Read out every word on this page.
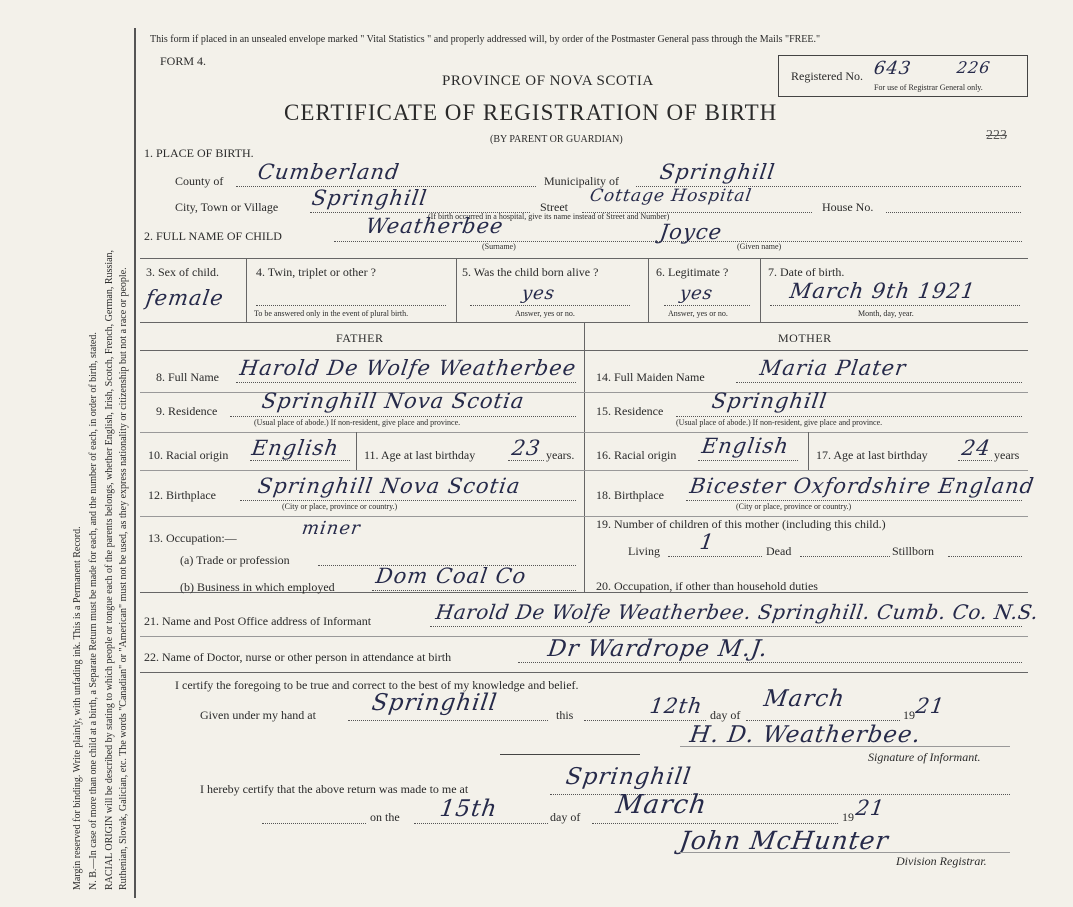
Margin reserved for binding. Write plainly, with unfading ink. This is a Permanent Record. N. B.—In case of more than one child at a birth, a Separate Return must be made for each, and the number of each, in order of birth, stated. RACIAL ORIGIN will be described by stating to which people or tongue each of the parents belongs, whether English, Irish, Scotch, French, German, Russian, Ruthenian, Slovak, Galician, etc. The words "Canadian" or "American" must not be used, as they express nationality or citizenship but not a race or people.
This form if placed in an unsealed envelope marked " Vital Statistics " and properly addressed will, by order of the Postmaster General pass through the Mails "FREE."
FORM 4.
PROVINCE OF NOVA SCOTIA
CERTIFICATE OF REGISTRATION OF BIRTH
(BY PARENT OR GUARDIAN)
Registered No. 643	226
For use of Registrar General only.
223
1. PLACE OF BIRTH.
County of Cumberland	Municipality of Springhill
City, Town or Village Springhill	Street
Cottage Hospital
House No.
(If birth occurred in a hospital, give its name instead of Street and Number)
2. FULL NAME OF CHILD	Weatherbee
(Surname)
Joyce
(Given name)
3. Sex of child.
female
4. Twin, triplet or other ?
To be answered only in the event of plural birth.
5. Was the child born alive ?
yes
Answer, yes or no.
6. Legitimate ?
yes
Answer, yes or no.
7. Date of birth.
March 9th 1921
Month, day, year.
FATHER	MOTHER
8. Full Name Harold De Wolfe Weatherbee
9. Residence Springhill Nova Scotia
(Usual place of abode.) If non-resident, give place and province.
10. Racial origin English 11. Age at last birthday 23 years.
12. Birthplace Springhill Nova Scotia
(City or place, province or country.)
13. Occupation:—	miner
(a) Trade or profession
(b) Business in which employed Dom Coal Co
14. Full Maiden Name	Maria Plater
15. Residence Springhill
(Usual place of abode.) If non-resident, give place and province.
16. Racial origin English 17. Age at last birthday 24 years
18. Birthplace Bicester Oxfordshire England
(City or place, province or country.)
19. Number of children of this mother (including this child.)
Living 1	Dead	Stillborn
20. Occupation, if other than household duties
21. Name and Post Office address of Informant	Harold De Wolfe Weatherbee. Springhill. Cumb. Co. N.S.
22. Name of Doctor, nurse or other person in attendance at birth	Dr Wardrope M.J.
I certify the foregoing to be true and correct to the best of my knowledge and belief.
Given under my hand at Springhill	this	12th day of
March
19 21
H. D. Weatherbee.
Signature of Informant.
I hereby certify that the above return was made to me at	Springhill
on the 15th	day of March	19 21
John McHunter
Division Registrar.
